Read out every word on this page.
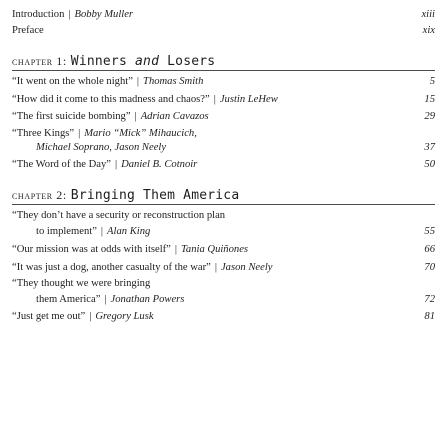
Introduction | Bobby Muller	xiii
Preface	xix
chapter 1: Winners and Losers
“It went on the whole night” | Thomas Smith	5
“How did it come to this madness and chaos?” | Justin LeHew	15
“The first suicide bombing” | Adrian Cavazos	29
“Three Kings” | Mario “Mick” Mihaucich,
Michael Soprano, Jason Neely	37
“The Word of the Day” | Daniel B. Cotnoir	50
chapter 2: Bringing Them America
“They don’t have a security or reconstruction plan
to implement” | Alan King	55
“Our mission was at odds with itself” | Tania Quiñones	66
“It was just a dog, another casualty of the war” | Jason Neely	70
“They thought we were bringing
them America” | Jonathan Powers	72
“Just get me out” | Gregory Lusk	81
